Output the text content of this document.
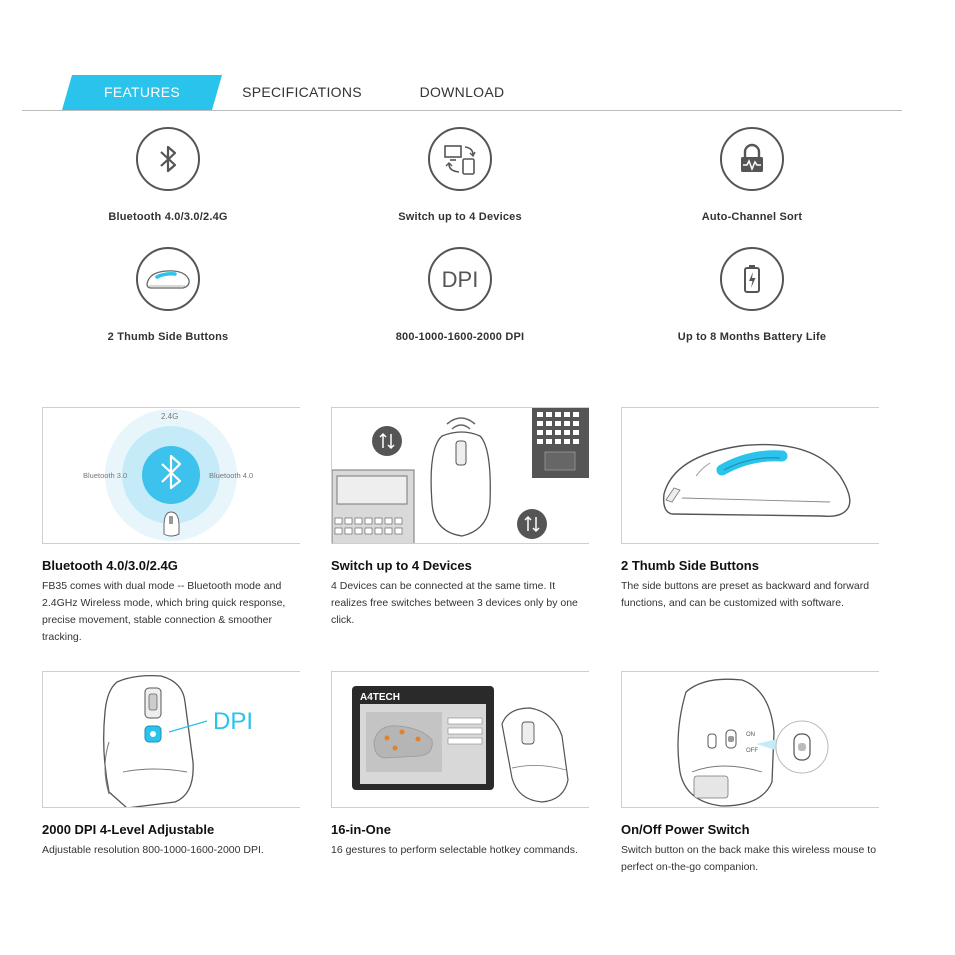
FEATURES	SPECIFICATIONS	DOWNLOAD
Bluetooth 4.0/3.0/2.4G	Switch up to 4 Devices	Auto-Channel Sort
2 Thumb Side Buttons
DPI
800-1000-1600-2000 DPI	Up to 8 Months Battery Life
2.4G
Bluetooth 3.0	Bluetooth 4.0
Bluetooth 4.0/3.0/2.4G
FB35 comes with dual mode -- Bluetooth mode and 2.4GHz Wireless mode, which bring quick response, precise movement, stable connection & smoother tracking.
Switch up to 4 Devices
4 Devices can be connected at the same time. It realizes free switches between 3 devices only by one click.
2 Thumb Side Buttons
The side buttons are preset as backward and forward functions, and can be customized with software.
DPI
2000 DPI 4-Level Adjustable
Adjustable resolution 800-1000-1600-2000 DPI.
A4TECH
16-in-One
16 gestures to perform selectable hotkey commands.
ON
OFF
On/Off Power Switch
Switch button on the back make this wireless mouse to perfect on-the-go companion.
